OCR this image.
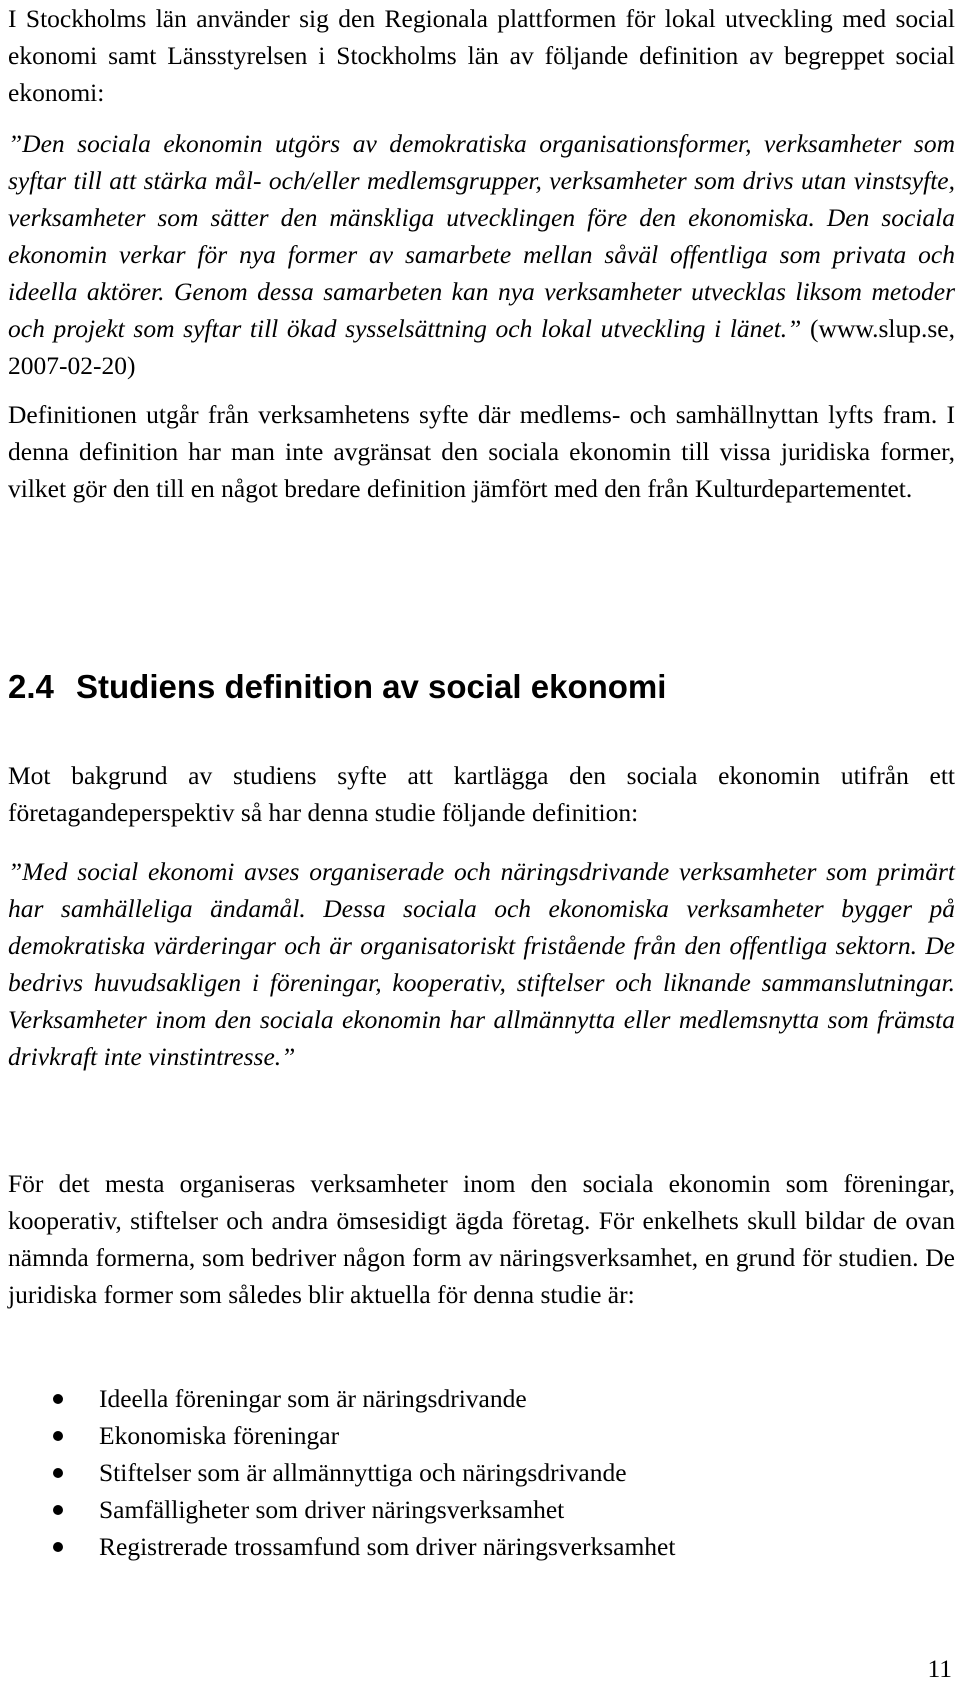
I Stockholms län använder sig den Regionala plattformen för lokal utveckling med social ekonomi samt Länsstyrelsen i Stockholms län av följande definition av begreppet social ekonomi:

”Den sociala ekonomin utgörs av demokratiska organisationsformer, verksamheter som syftar till att stärka mål- och/eller medlemsgrupper, verksamheter som drivs utan vinstsyfte, verksamheter som sätter den mänskliga utvecklingen före den ekonomiska. Den sociala ekonomin verkar för nya former av samarbete mellan såväl offentliga som privata och ideella aktörer. Genom dessa samarbeten kan nya verksamheter utvecklas liksom metoder och projekt som syftar till ökad sysselsättning och lokal utveckling i länet.” (www.slup.se, 2007-02-20)

Definitionen utgår från verksamhetens syfte där medlems- och samhällnyttan lyfts fram. I denna definition har man inte avgränsat den sociala ekonomin till vissa juridiska former, vilket gör den till en något bredare definition jämfört med den från Kulturdepartementet.

2.4 Studiens definition av social ekonomi

Mot bakgrund av studiens syfte att kartlägga den sociala ekonomin utifrån ett företagandeperspektiv så har denna studie följande definition:

”Med social ekonomi avses organiserade och näringsdrivande verksamheter som primärt har samhälleliga ändamål. Dessa sociala och ekonomiska verksamheter bygger på demokratiska värderingar och är organisatoriskt fristående från den offentliga sektorn. De bedrivs huvudsakligen i föreningar, kooperativ, stiftelser och liknande sammanslutningar. Verksamheter inom den sociala ekonomin har allmännytta eller medlemsnytta som främsta drivkraft inte vinstintresse.”

För det mesta organiseras verksamheter inom den sociala ekonomin som föreningar, kooperativ, stiftelser och andra ömsesidigt ägda företag. För enkelhets skull bildar de ovan nämnda formerna, som bedriver någon form av näringsverksamhet, en grund för studien. De juridiska former som således blir aktuella för denna studie är:

Ideella föreningar som är näringsdrivande
Ekonomiska föreningar
Stiftelser som är allmännyttiga och näringsdrivande
Samfälligheter som driver näringsverksamhet
Registrerade trossamfund som driver näringsverksamhet
11
